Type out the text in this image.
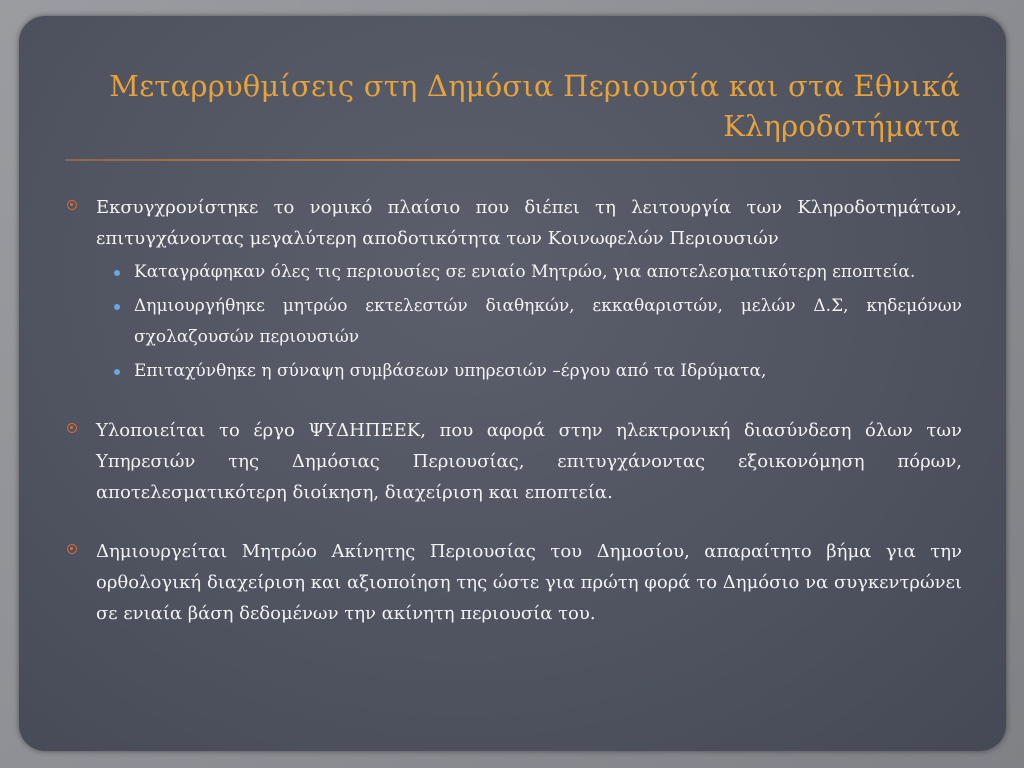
Μεταρρυθμίσεις στη Δημόσια Περιουσία και στα Εθνικά
Κληροδοτήματα
Εκσυγχρονίστηκε το νομικό πλαίσιο που διέπει τη λειτουργία των Κληροδοτημάτων, επιτυγχάνοντας μεγαλύτερη αποδοτικότητα των Κοινωφελών Περιουσιών
Καταγράφηκαν όλες τις περιουσίες σε ενιαίο Μητρώο, για αποτελεσματικότερη εποπτεία.
Δημιουργήθηκε μητρώο εκτελεστών διαθηκών, εκκαθαριστών, μελών Δ.Σ, κηδεμόνων σχολαζουσών περιουσιών
Επιταχύνθηκε η σύναψη συμβάσεων υπηρεσιών –έργου από τα Ιδρύματα,
Υλοποιείται το έργο ΨΥΔΗΠΕΕΚ, που αφορά στην ηλεκτρονική διασύνδεση όλων των Υπηρεσιών της Δημόσιας Περιουσίας, επιτυγχάνοντας εξοικονόμηση πόρων, αποτελεσματικότερη διοίκηση, διαχείριση και εποπτεία.
Δημιουργείται Μητρώο Ακίνητης Περιουσίας του Δημοσίου, απαραίτητο βήμα για την ορθολογική διαχείριση και αξιοποίηση της ώστε για πρώτη φορά το Δημόσιο να συγκεντρώνει σε ενιαία βάση δεδομένων την ακίνητη περιουσία του.
